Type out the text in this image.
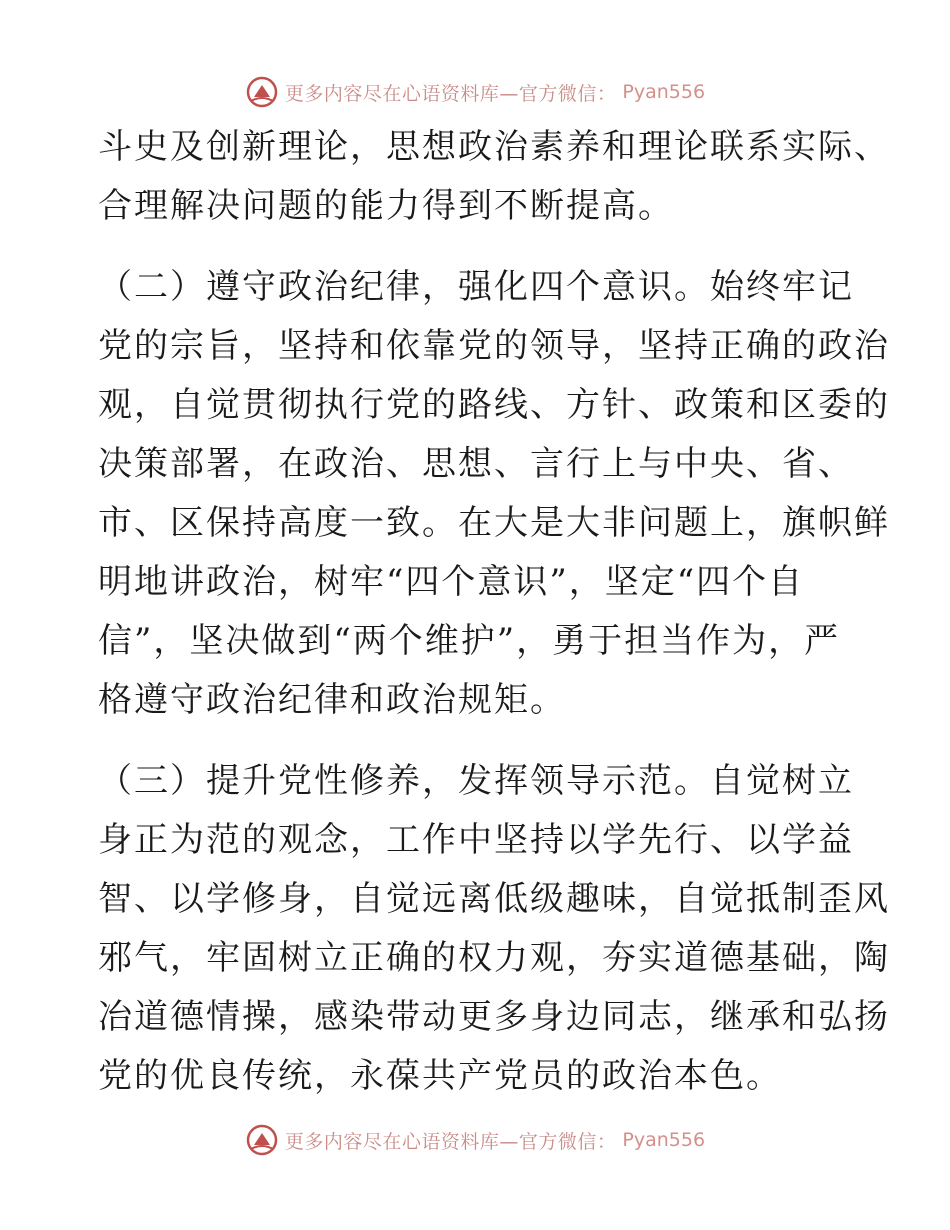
更多内容尽在心语资料库—官方微信： Pyan556
斗史及创新理论，思想政治素养和理论联系实际、
合理解决问题的能力得到不断提高。
（二）遵守政治纪律，强化四个意识。始终牢记
党的宗旨，坚持和依靠党的领导，坚持正确的政治
观，自觉贯彻执行党的路线、方针、政策和区委的
决策部署，在政治、思想、言行上与中央、省、
市、区保持高度一致。在大是大非问题上，旗帜鲜
明地讲政治，树牢“四个意识”，坚定“四个自
信”，坚决做到“两个维护”，勇于担当作为，严
格遵守政治纪律和政治规矩。
（三）提升党性修养，发挥领导示范。自觉树立
身正为范的观念，工作中坚持以学先行、以学益
智、以学修身，自觉远离低级趣味，自觉抵制歪风
邪气，牢固树立正确的权力观，夯实道德基础，陶
冶道德情操，感染带动更多身边同志，继承和弘扬
党的优良传统，永葆共产党员的政治本色。
更多内容尽在心语资料库—官方微信： Pyan556
